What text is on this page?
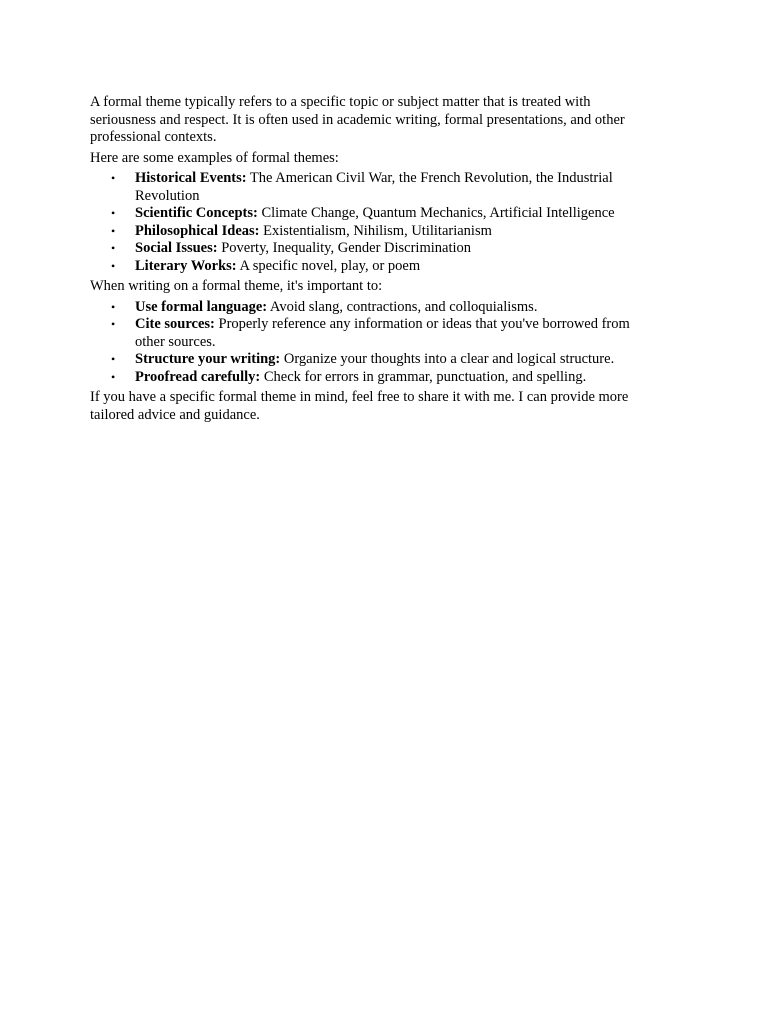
A formal theme typically refers to a specific topic or subject matter that is treated with seriousness and respect. It is often used in academic writing, formal presentations, and other professional contexts.

Here are some examples of formal themes:

• Historical Events: The American Civil War, the French Revolution, the Industrial Revolution
• Scientific Concepts: Climate Change, Quantum Mechanics, Artificial Intelligence
• Philosophical Ideas: Existentialism, Nihilism, Utilitarianism
• Social Issues: Poverty, Inequality, Gender Discrimination
• Literary Works: A specific novel, play, or poem

When writing on a formal theme, it's important to:

• Use formal language: Avoid slang, contractions, and colloquialisms.
• Cite sources: Properly reference any information or ideas that you've borrowed from other sources.
• Structure your writing: Organize your thoughts into a clear and logical structure.
• Proofread carefully: Check for errors in grammar, punctuation, and spelling.

If you have a specific formal theme in mind, feel free to share it with me. I can provide more tailored advice and guidance.
